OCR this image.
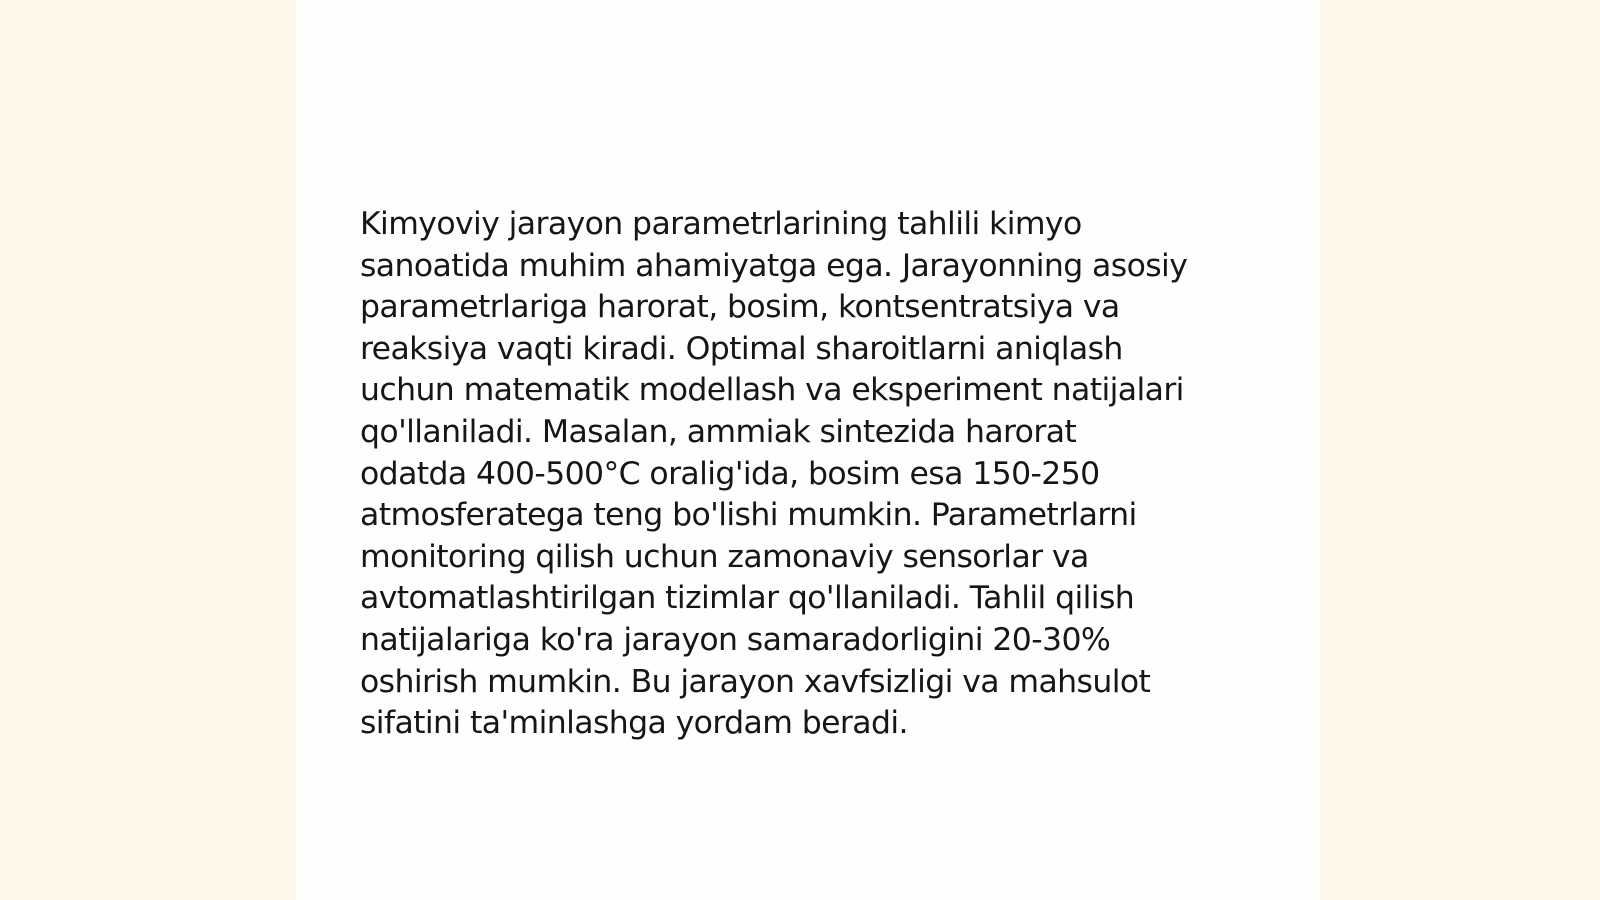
Kimyoviy jarayon parametrlarining tahlili kimyo
sanoatida muhim ahamiyatga ega. Jarayonning asosiy
parametrlariga harorat, bosim, kontsentratsiya va
reaksiya vaqti kiradi. Optimal sharoitlarni aniqlash
uchun matematik modellash va eksperiment natijalari
qo'llaniladi. Masalan, ammiak sintezida harorat
odatda 400-500°C oralig'ida, bosim esa 150-250
atmosferatega teng bo'lishi mumkin. Parametrlarni
monitoring qilish uchun zamonaviy sensorlar va
avtomatlashtirilgan tizimlar qo'llaniladi. Tahlil qilish
natijalariga ko'ra jarayon samaradorligini 20-30%
oshirish mumkin. Bu jarayon xavfsizligi va mahsulot
sifatini ta'minlashga yordam beradi.
